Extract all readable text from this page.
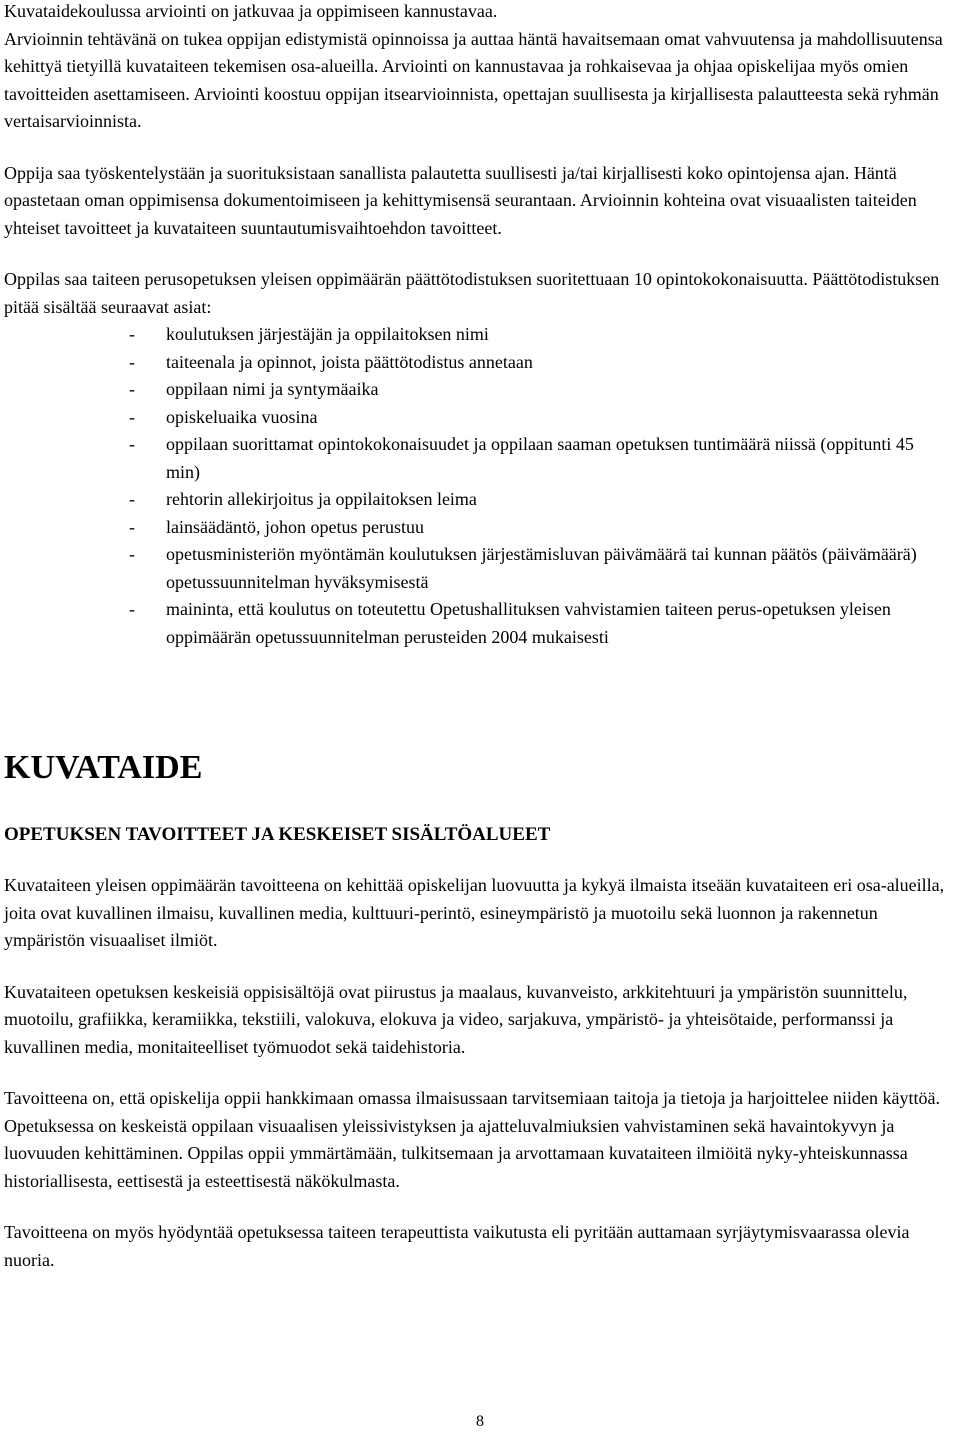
Kuvataidekoulussa arviointi on jatkuvaa ja oppimiseen kannustavaa.

Arvioinnin tehtävänä on tukea oppijan edistymistä opinnoissa ja auttaa häntä havaitsemaan omat vahvuutensa ja mahdollisuutensa kehittyä tietyillä kuvataiteen tekemisen osa-alueilla. Arviointi on kannustavaa ja rohkaisevaa ja ohjaa opiskelijaa myös omien tavoitteiden asettamiseen. Arviointi koostuu oppijan itsearvioinnista, opettajan suullisesta ja kirjallisesta palautteesta sekä ryhmän vertaisarvioinnista.

Oppija saa työskentelystään ja suorituksistaan sanallista palautetta suullisesti ja/tai kirjallisesti koko opintojensa ajan. Häntä opastetaan oman oppimisensa dokumentoimiseen ja kehittymisensä seurantaan. Arvioinnin kohteina ovat visuaalisten taiteiden yhteiset tavoitteet ja kuvataiteen suuntautumisvaihtoehdon tavoitteet.

Oppilas saa taiteen perusopetuksen yleisen oppimäärän päättötodistuksen suoritettuaan 10 opintokokonaisuutta. Päättötodistuksen pitää sisältää seuraavat asiat:

- koulutuksen järjestäjän ja oppilaitoksen nimi
- taiteenala ja opinnot, joista päättötodistus annetaan
- oppilaan nimi ja syntymäaika
- opiskeluaika vuosina
- oppilaan suorittamat opintokokonaisuudet ja oppilaan saaman opetuksen tuntimäärä niissä (oppitunti 45 min)
- rehtorin allekirjoitus ja oppilaitoksen leima
- lainsäädäntö, johon opetus perustuu
- opetusministeriön myöntämän koulutuksen järjestämisluvan päivämäärä tai kunnan päätös (päivämäärä) opetussuunnitelman hyväksymisestä
- maininta, että koulutus on toteutettu Opetushallituksen vahvistamien taiteen perus-opetuksen yleisen oppimäärän opetussuunnitelman perusteiden 2004 mukaisesti
KUVATAIDE
OPETUKSEN TAVOITTEET JA KESKEISET SISÄLTÖALUEET

Kuvataiteen yleisen oppimäärän tavoitteena on kehittää opiskelijan luovuutta ja kykyä ilmaista itseään kuvataiteen eri osa-alueilla, joita ovat kuvallinen ilmaisu, kuvallinen media, kulttuuri-perintö, esineympäristö ja muotoilu sekä luonnon ja rakennetun ympäristön visuaaliset ilmiöt.

Kuvataiteen opetuksen keskeisiä oppisisältöjä ovat piirustus ja maalaus, kuvanveisto, arkkitehtuuri ja ympäristön suunnittelu, muotoilu, grafiikka, keramiikka, tekstiili, valokuva, elokuva ja video, sarjakuva, ympäristö- ja yhteisötaide, performanssi ja kuvallinen media, monitaiteelliset työmuodot sekä taidehistoria.

Tavoitteena on, että opiskelija oppii hankkimaan omassa ilmaisussaan tarvitsemiaan taitoja ja tietoja ja harjoittelee niiden käyttöä. Opetuksessa on keskeistä oppilaan visuaalisen yleissivistyksen ja ajatteluvalmiuksien vahvistaminen sekä havaintokyvyn ja luovuuden kehittäminen. Oppilas oppii ymmärtämään, tulkitsemaan ja arvottamaan kuvataiteen ilmiöitä nyky-yhteiskunnassa historiallisesta, eettisestä ja esteettisestä näkökulmasta.

Tavoitteena on myös hyödyntää opetuksessa taiteen terapeuttista vaikutusta eli pyritään auttamaan syrjäytymisvaarassa olevia nuoria.

8
